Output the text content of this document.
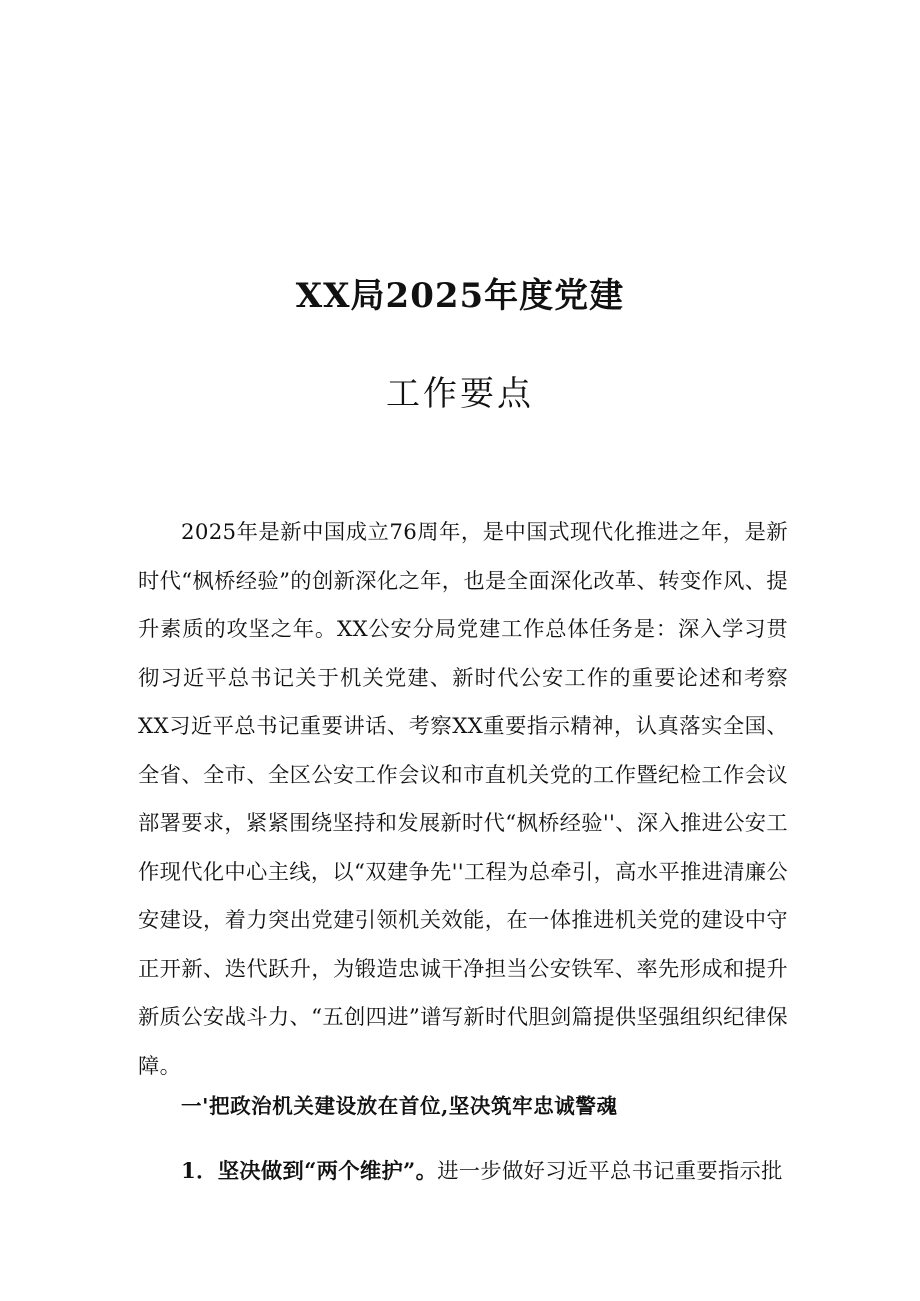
XX局2025年度党建
工作要点

2025年是新中国成立76周年，是中国式现代化推进之年，是新时代“枫桥经验”的创新深化之年，也是全面深化改革、转变作风、提升素质的攻坚之年。XX公安分局党建工作总体任务是：深入学习贯彻习近平总书记关于机关党建、新时代公安工作的重要论述和考察XX习近平总书记重要讲话、考察XX重要指示精神，认真落实全国、全省、全市、全区公安工作会议和市直机关党的工作暨纪检工作会议部署要求，紧紧围绕坚持和发展新时代“枫桥经验''、深入推进公安工作现代化中心主线，以“双建争先''工程为总牵引，高水平推进清廉公安建设，着力突出党建引领机关效能，在一体推进机关党的建设中守正开新、迭代跃升，为锻造忠诚干净担当公安铁军、率先形成和提升新质公安战斗力、“五创四进”谱写新时代胆剑篇提供坚强组织纪律保障。

一'把政治机关建设放在首位,坚决筑牢忠诚警魂
1．坚决做到“两个维护”。进一步做好习近平总书记重要指示批
